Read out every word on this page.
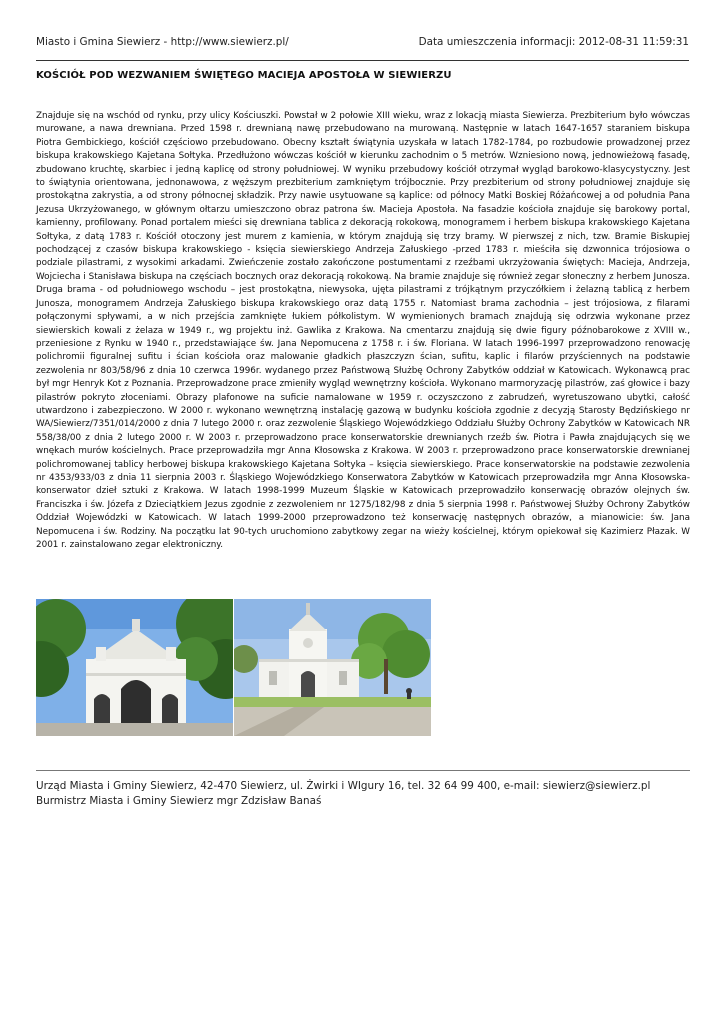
Miasto i Gmina Siewierz - http://www.siewierz.pl/	Data umieszczenia informacji: 2012-08-31 11:59:31
KOŚCIÓŁ POD WEZWANIEM ŚWIĘTEGO MACIEJA APOSTOŁA W SIEWIERZU
Znajduje się na wschód od rynku, przy ulicy Kościuszki. Powstał w 2 połowie XIII wieku, wraz z lokacją miasta Siewierza. Prezbiterium było wówczas murowane, a nawa drewniana. Przed 1598 r. drewnianą nawę przebudowano na murowaną. Następnie w latach 1647-1657 staraniem biskupa Piotra Gembickiego, kościół częściowo przebudowano. Obecny kształt świątynia uzyskała w latach 1782-1784, po rozbudowie prowadzonej przez biskupa krakowskiego Kajetana Sołtyka. Przedłużono wówczas kościół w kierunku zachodnim o 5 metrów. Wzniesiono nową, jednowieżową fasadę, zbudowano kruchtę, skarbiec i jedną kaplicę od strony południowej. W wyniku przebudowy kościół otrzymał wygląd barokowo-klasycystyczny. Jest to świątynia orientowana, jednonawowa, z węższym prezbiterium zamkniętym trójbocznie. Przy prezbiterium od strony południowej znajduje się prostokątna zakrystia, a od strony północnej składzik. Przy nawie usytuowane są kaplice: od północy Matki Boskiej Różańcowej a od południa Pana Jezusa Ukrzyżowanego, w głównym ołtarzu umieszczono obraz patrona św. Macieja Apostoła. Na fasadzie kościoła znajduje się barokowy portal, kamienny, profilowany. Ponad portalem mieści się drewniana tablica z dekoracją rokokową, monogramem i herbem biskupa krakowskiego Kajetana Sołtyka, z datą 1783 r. Kościół otoczony jest murem z kamienia, w którym znajdują się trzy bramy. W pierwszej z nich, tzw. Bramie Biskupiej pochodzącej z czasów biskupa krakowskiego - księcia siewierskiego Andrzeja Załuskiego -przed 1783 r. mieściła się dzwonnica trójosiowa o podziale pilastrami, z wysokimi arkadami. Zwieńczenie zostało zakończone postumentami z rzeźbami ukrzyżowania świętych: Macieja, Andrzeja, Wojciecha i Stanisława biskupa na częściach bocznych oraz dekoracją rokokową. Na bramie znajduje się również zegar słoneczny z herbem Junosza. Druga brama - od południowego wschodu – jest prostokątna, niewysoka, ujęta pilastrami z trójkątnym przyczółkiem i żelazną tablicą z herbem Junosza, monogramem Andrzeja Załuskiego biskupa krakowskiego oraz datą 1755 r. Natomiast brama zachodnia – jest trójosiowa, z filarami połączonymi spływami, a w nich przejścia zamknięte łukiem półkolistym. W wymienionych bramach znajdują się odrzwia wykonane przez siewierskich kowali z żelaza w 1949 r., wg projektu inż. Gawlika z Krakowa. Na cmentarzu znajdują się dwie figury późnobarokowe z XVIII w., przeniesione z Rynku w 1940 r., przedstawiające św. Jana Nepomucena z 1758 r. i św. Floriana. W latach 1996-1997 przeprowadzono renowację polichromii figuralnej sufitu i ścian kościoła oraz malowanie gładkich płaszczyzn ścian, sufitu, kaplic i filarów przyściennych na podstawie zezwolenia nr 803/58/96 z dnia 10 czerwca 1996r. wydanego przez Państwową Służbę Ochrony Zabytków oddział w Katowicach. Wykonawcą prac był mgr Henryk Kot z Poznania. Przeprowadzone prace zmieniły wygląd wewnętrzny kościoła. Wykonano marmoryzację pilastrów, zaś głowice i bazy pilastrów pokryto złoceniami. Obrazy plafonowe na suficie namalowane w 1959 r. oczyszczono z zabrudzeń, wyretuszowano ubytki, całość utwardzono i zabezpieczono. W 2000 r. wykonano wewnętrzną instalację gazową w budynku kościoła zgodnie z decyzją Starosty Będzińskiego nr WA/Siewierz/7351/014/2000 z dnia 7 lutego 2000 r. oraz zezwolenie Śląskiego Wojewódzkiego Oddziału Służby Ochrony Zabytków w Katowicach NR 558/38/00 z dnia 2 lutego 2000 r. W 2003 r. przeprowadzono prace konserwatorskie drewnianych rzeźb św. Piotra i Pawła znajdujących się we wnękach murów kościelnych. Prace przeprowadziła mgr Anna Kłosowska z Krakowa. W 2003 r. przeprowadzono prace konserwatorskie drewnianej polichromowanej tablicy herbowej biskupa krakowskiego Kajetana Sołtyka – księcia siewierskiego. Prace konserwatorskie na podstawie zezwolenia nr 4353/933/03 z dnia 11 sierpnia 2003 r. Śląskiego Wojewódzkiego Konserwatora Zabytków w Katowicach przeprowadziła mgr Anna Kłosowska- konserwator dzieł sztuki z Krakowa. W latach 1998-1999 Muzeum Śląskie w Katowicach przeprowadziło konserwację obrazów olejnych św. Franciszka i św. Józefa z Dzieciątkiem Jezus zgodnie z zezwoleniem nr 1275/182/98 z dnia 5 sierpnia 1998 r. Państwowej Służby Ochrony Zabytków Oddział Wojewódzki w Katowicach. W latach 1999-2000 przeprowadzono też konserwację następnych obrazów, a mianowicie: św. Jana Nepomucena i św. Rodziny. Na początku lat 90-tych uruchomiono zabytkowy zegar na wieży kościelnej, którym opiekował się Kazimierz Płazak. W 2001 r. zainstalowano zegar elektroniczny.
Urząd Miasta i Gminy Siewierz, 42-470 Siewierz, ul. Żwirki i WIgury 16, tel. 32 64 99 400, e-mail: siewierz@siewierz.pl
Burmistrz Miasta i Gminy Siewierz mgr Zdzisław Banaś
